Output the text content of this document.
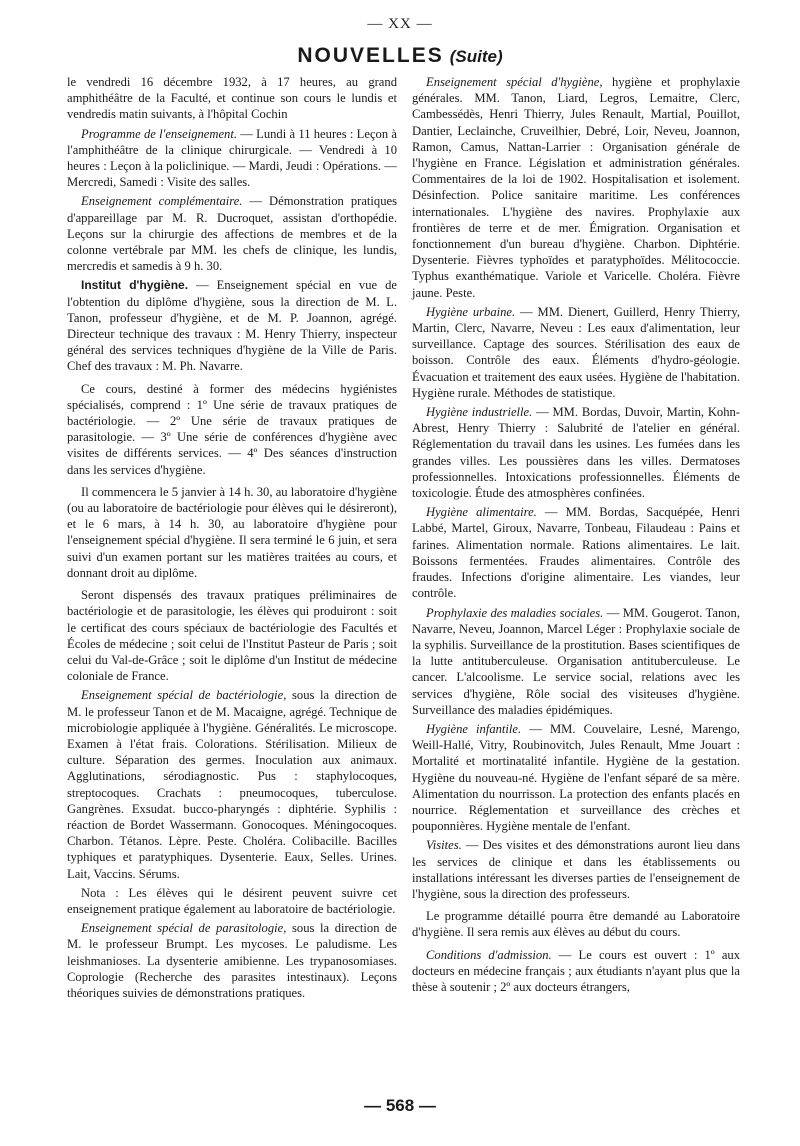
— XX —
NOUVELLES (Suite)

le vendredi 16 décembre 1932, à 17 heures, au grand amphithéâtre de la Faculté, et continue son cours le lundis et vendredis matin suivants, à l'hôpital Cochin

Programme de l'enseignement. — Lundi à 11 heures : Leçon à l'amphithéâtre de la clinique chirurgicale. — Vendredi à 10 heures : Leçon à la policlinique. — Mardi, Jeudi : Opérations. — Mercredi, Samedi : Visite des salles.

Enseignement complémentaire. — Démonstration pratiques d'appareillage par M. R. Ducroquet, assistan d'orthopédie. Leçons sur la chirurgie des affections de membres et de la colonne vertébrale par MM. les chefs de clinique, les lundis, mercredis et samedis à 9 h. 30.

Institut d'hygiène. — Enseignement spécial en vue de l'obtention du diplôme d'hygiène, sous la direction de M. L. Tanon, professeur d'hygiène, et de M. P. Joannon, agrégé. Directeur technique des travaux : M. Henry Thierry, inspecteur général des services techniques d'hygiène de la Ville de Paris. Chef des travaux : M. Ph. Navarre.

Ce cours, destiné à former des médecins hygiénistes spécialisés, comprend : 1º Une série de travaux pratiques de bactériologie. — 2º Une série de travaux pratiques de parasitologie. — 3º Une série de conférences d'hygiène avec visites de différents services. — 4º Des séances d'instruction dans les services d'hygiène.

Il commencera le 5 janvier à 14 h. 30, au laboratoire d'hygiène (ou au laboratoire de bactériologie pour élèves qui le désireront), et le 6 mars, à 14 h. 30, au laboratoire d'hygiène pour l'enseignement spécial d'hygiène. Il sera terminé le 6 juin, et sera suivi d'un examen portant sur les matières traitées au cours, et donnant droit au diplôme.

Seront dispensés des travaux pratiques préliminaires de bactériologie et de parasitologie, les élèves qui produiront : soit le certificat des cours spéciaux de bactériologie des Facultés et Écoles de médecine ; soit celui de l'Institut Pasteur de Paris ; soit celui du Val-de-Grâce ; soit le diplôme d'un Institut de médecine coloniale de France.

Enseignement spécial de bactériologie, sous la direction de M. le professeur Tanon et de M. Macaigne, agrégé. Technique de microbiologie appliquée à l'hygiène. Généralités. Le microscope. Examen à l'état frais. Colorations. Stérilisation. Milieux de culture. Séparation des germes. Inoculation aux animaux. Agglutinations, sérodiagnostic. Pus : staphylocoques, streptocoques. Crachats : pneumocoques, tuberculose. Gangrènes. Exsudat. bucco-pharyngés : diphtérie. Syphilis : réaction de Bordet Wassermann. Gonocoques. Méningocoques. Charbon. Tétanos. Lèpre. Peste. Choléra. Colibacille. Bacilles typhiques et paratyphiques. Dysenterie. Eaux, Selles. Urines. Lait, Vaccins. Sérums.

Nota : Les élèves qui le désirent peuvent suivre cet enseignement pratique également au laboratoire de bactériologie.

Enseignement spécial de parasitologie, sous la direction de M. le professeur Brumpt. Les mycoses. Le paludisme. Les leishmanioses. La dysenterie amibienne. Les trypanosomiases. Coprologie (Recherche des parasites intestinaux). Leçons théoriques suivies de démonstrations pratiques.

Enseignement spécial d'hygiène, hygiène et prophylaxie générales. MM. Tanon, Liard, Legros, Lemaitre, Clerc, Cambessédès, Henri Thierry, Jules Renault, Martial, Pouillot, Dantier, Leclainche, Cruveilhier, Debré, Loir, Neveu, Joannon, Ramon, Camus, Nattan-Larrier : Organisation générale de l'hygiène en France. Législation et administration générales. Commentaires de la loi de 1902. Hospitalisation et isolement. Désinfection. Police sanitaire maritime. Les conférences internationales. L'hygiène des navires. Prophylaxie aux frontières de terre et de mer. Émigration. Organisation et fonctionnement d'un bureau d'hygiène. Charbon. Diphtérie. Dysenterie. Fièvres typhoïdes et paratyphoïdes. Mélitococcie. Typhus exanthématique. Variole et Varicelle. Choléra. Fièvre jaune. Peste.

Hygiène urbaine. — MM. Dienert, Guillerd, Henry Thierry, Martin, Clerc, Navarre, Neveu : Les eaux d'alimentation, leur surveillance. Captage des sources. Stérilisation des eaux de boisson. Contrôle des eaux. Éléments d'hydro-géologie. Évacuation et traitement des eaux usées. Hygiène de l'habitation. Hygiène rurale. Méthodes de statistique.

Hygiène industrielle. — MM. Bordas, Duvoir, Martin, Kohn-Abrest, Henry Thierry : Salubrité de l'atelier en général. Réglementation du travail dans les usines. Les fumées dans les grandes villes. Les poussières dans les villes. Dermatoses professionnelles. Intoxications professionnelles. Éléments de toxicologie. Étude des atmosphères confinées.

Hygiène alimentaire. — MM. Bordas, Sacquépée, Henri Labbé, Martel, Giroux, Navarre, Tonbeau, Filaudeau : Pains et farines. Alimentation normale. Rations alimentaires. Le lait. Boissons fermentées. Fraudes alimentaires. Contrôle des fraudes. Infections d'origine alimentaire. Les viandes, leur contrôle.

Prophylaxie des maladies sociales. — MM. Gougerot. Tanon, Navarre, Neveu, Joannon, Marcel Léger : Prophylaxie sociale de la syphilis. Surveillance de la prostitution. Bases scientifiques de la lutte antituberculeuse. Organisation antituberculeuse. Le cancer. L'alcoolisme. Le service social, relations avec les services d'hygiène, Rôle social des visiteuses d'hygiène. Surveillance des maladies épidémiques.

Hygiène infantile. — MM. Couvelaire, Lesné, Marengo, Weill-Hallé, Vitry, Roubinovitch, Jules Renault, Mme Jouart : Mortalité et mortinatalité infantile. Hygiène de la gestation. Hygiène du nouveau-né. Hygiène de l'enfant séparé de sa mère. Alimentation du nourrisson. La protection des enfants placés en nourrice. Réglementation et surveillance des crèches et pouponnières. Hygiène mentale de l'enfant.

Visites. — Des visites et des démonstrations auront lieu dans les services de clinique et dans les établissements ou installations intéressant les diverses parties de l'enseignement de l'hygiène, sous la direction des professeurs.

Le programme détaillé pourra être demandé au Laboratoire d'hygiène. Il sera remis aux élèves au début du cours.

Conditions d'admission. — Le cours est ouvert : 1º aux docteurs en médecine français ; aux étudiants n'ayant plus que la thèse à soutenir ; 2º aux docteurs étrangers,

— 568 —
